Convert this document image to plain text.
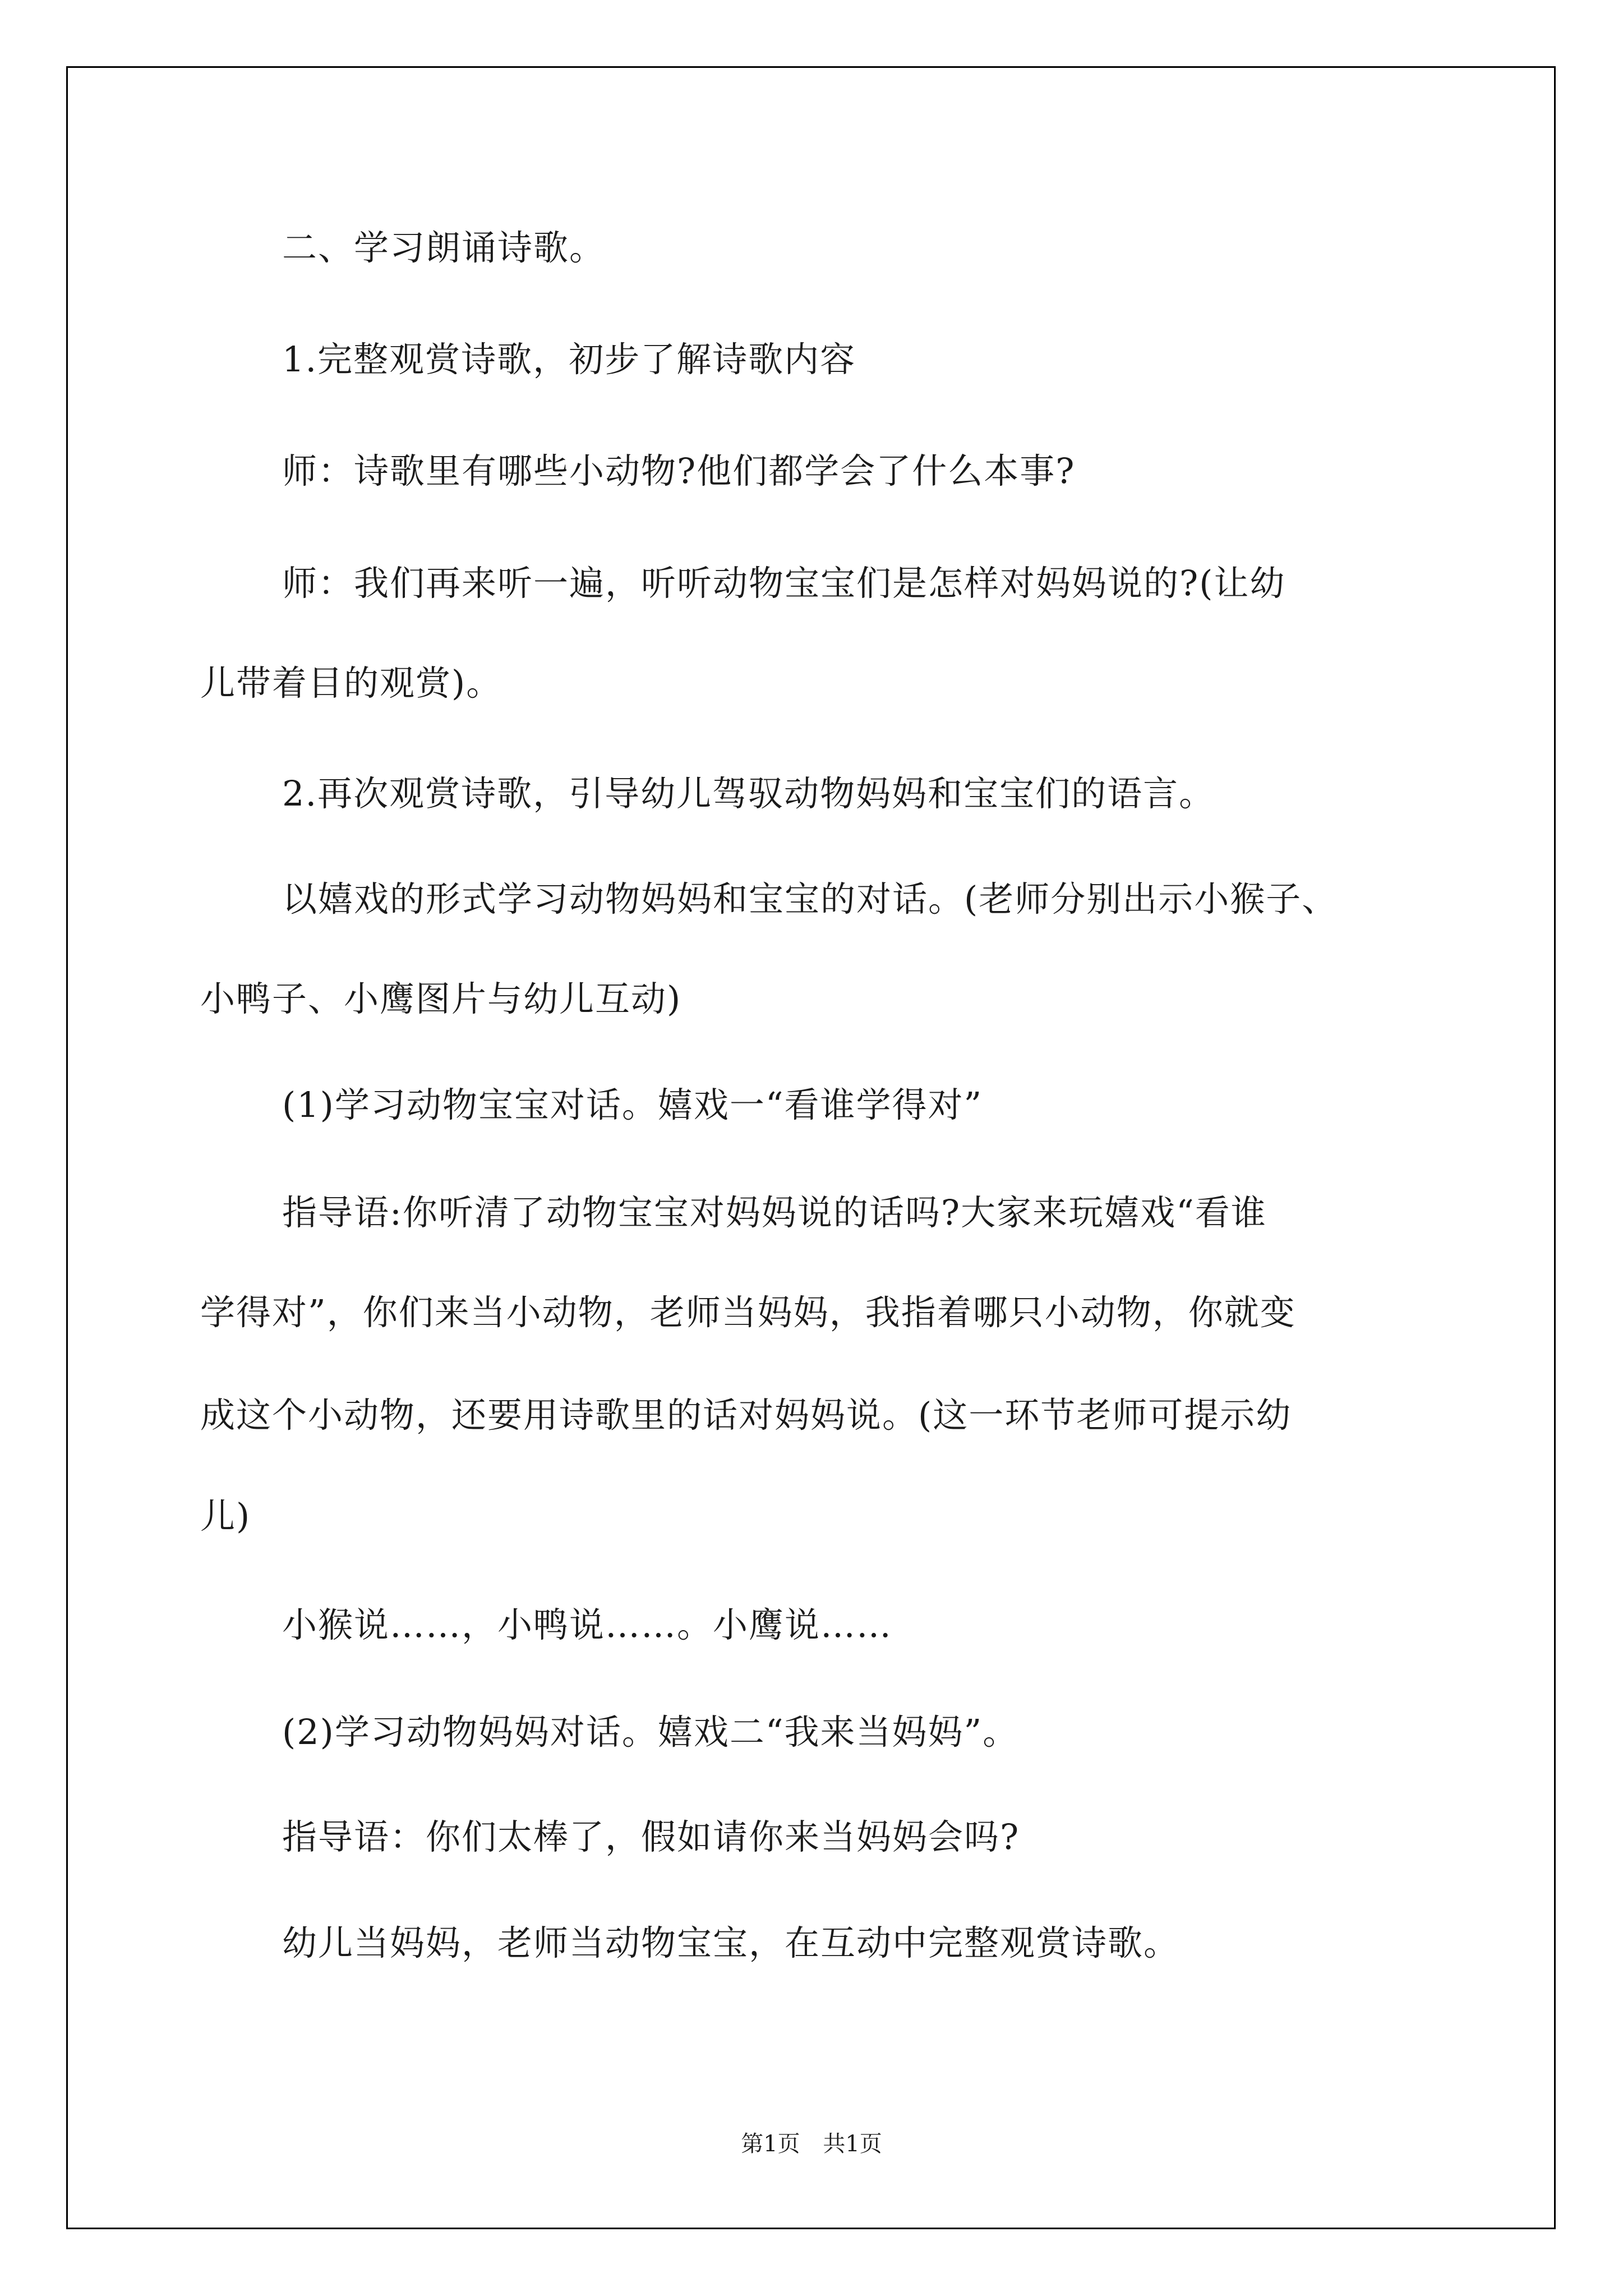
二、学习朗诵诗歌。
1.完整观赏诗歌，初步了解诗歌内容
师：诗歌里有哪些小动物?他们都学会了什么本事?
师：我们再来听一遍，听听动物宝宝们是怎样对妈妈说的?(让幼
儿带着目的观赏)。
2.再次观赏诗歌，引导幼儿驾驭动物妈妈和宝宝们的语言。
以嬉戏的形式学习动物妈妈和宝宝的对话。(老师分别出示小猴子、
小鸭子、小鹰图片与幼儿互动)
(1)学习动物宝宝对话。嬉戏一“看谁学得对”
指导语:你听清了动物宝宝对妈妈说的话吗?大家来玩嬉戏“看谁
学得对”，你们来当小动物，老师当妈妈，我指着哪只小动物，你就变
成这个小动物，还要用诗歌里的话对妈妈说。(这一环节老师可提示幼
儿)
小猴说……，小鸭说……。小鹰说……
(2)学习动物妈妈对话。嬉戏二“我来当妈妈”。
指导语：你们太棒了，假如请你来当妈妈会吗?
幼儿当妈妈，老师当动物宝宝，在互动中完整观赏诗歌。
第1页 共1页
